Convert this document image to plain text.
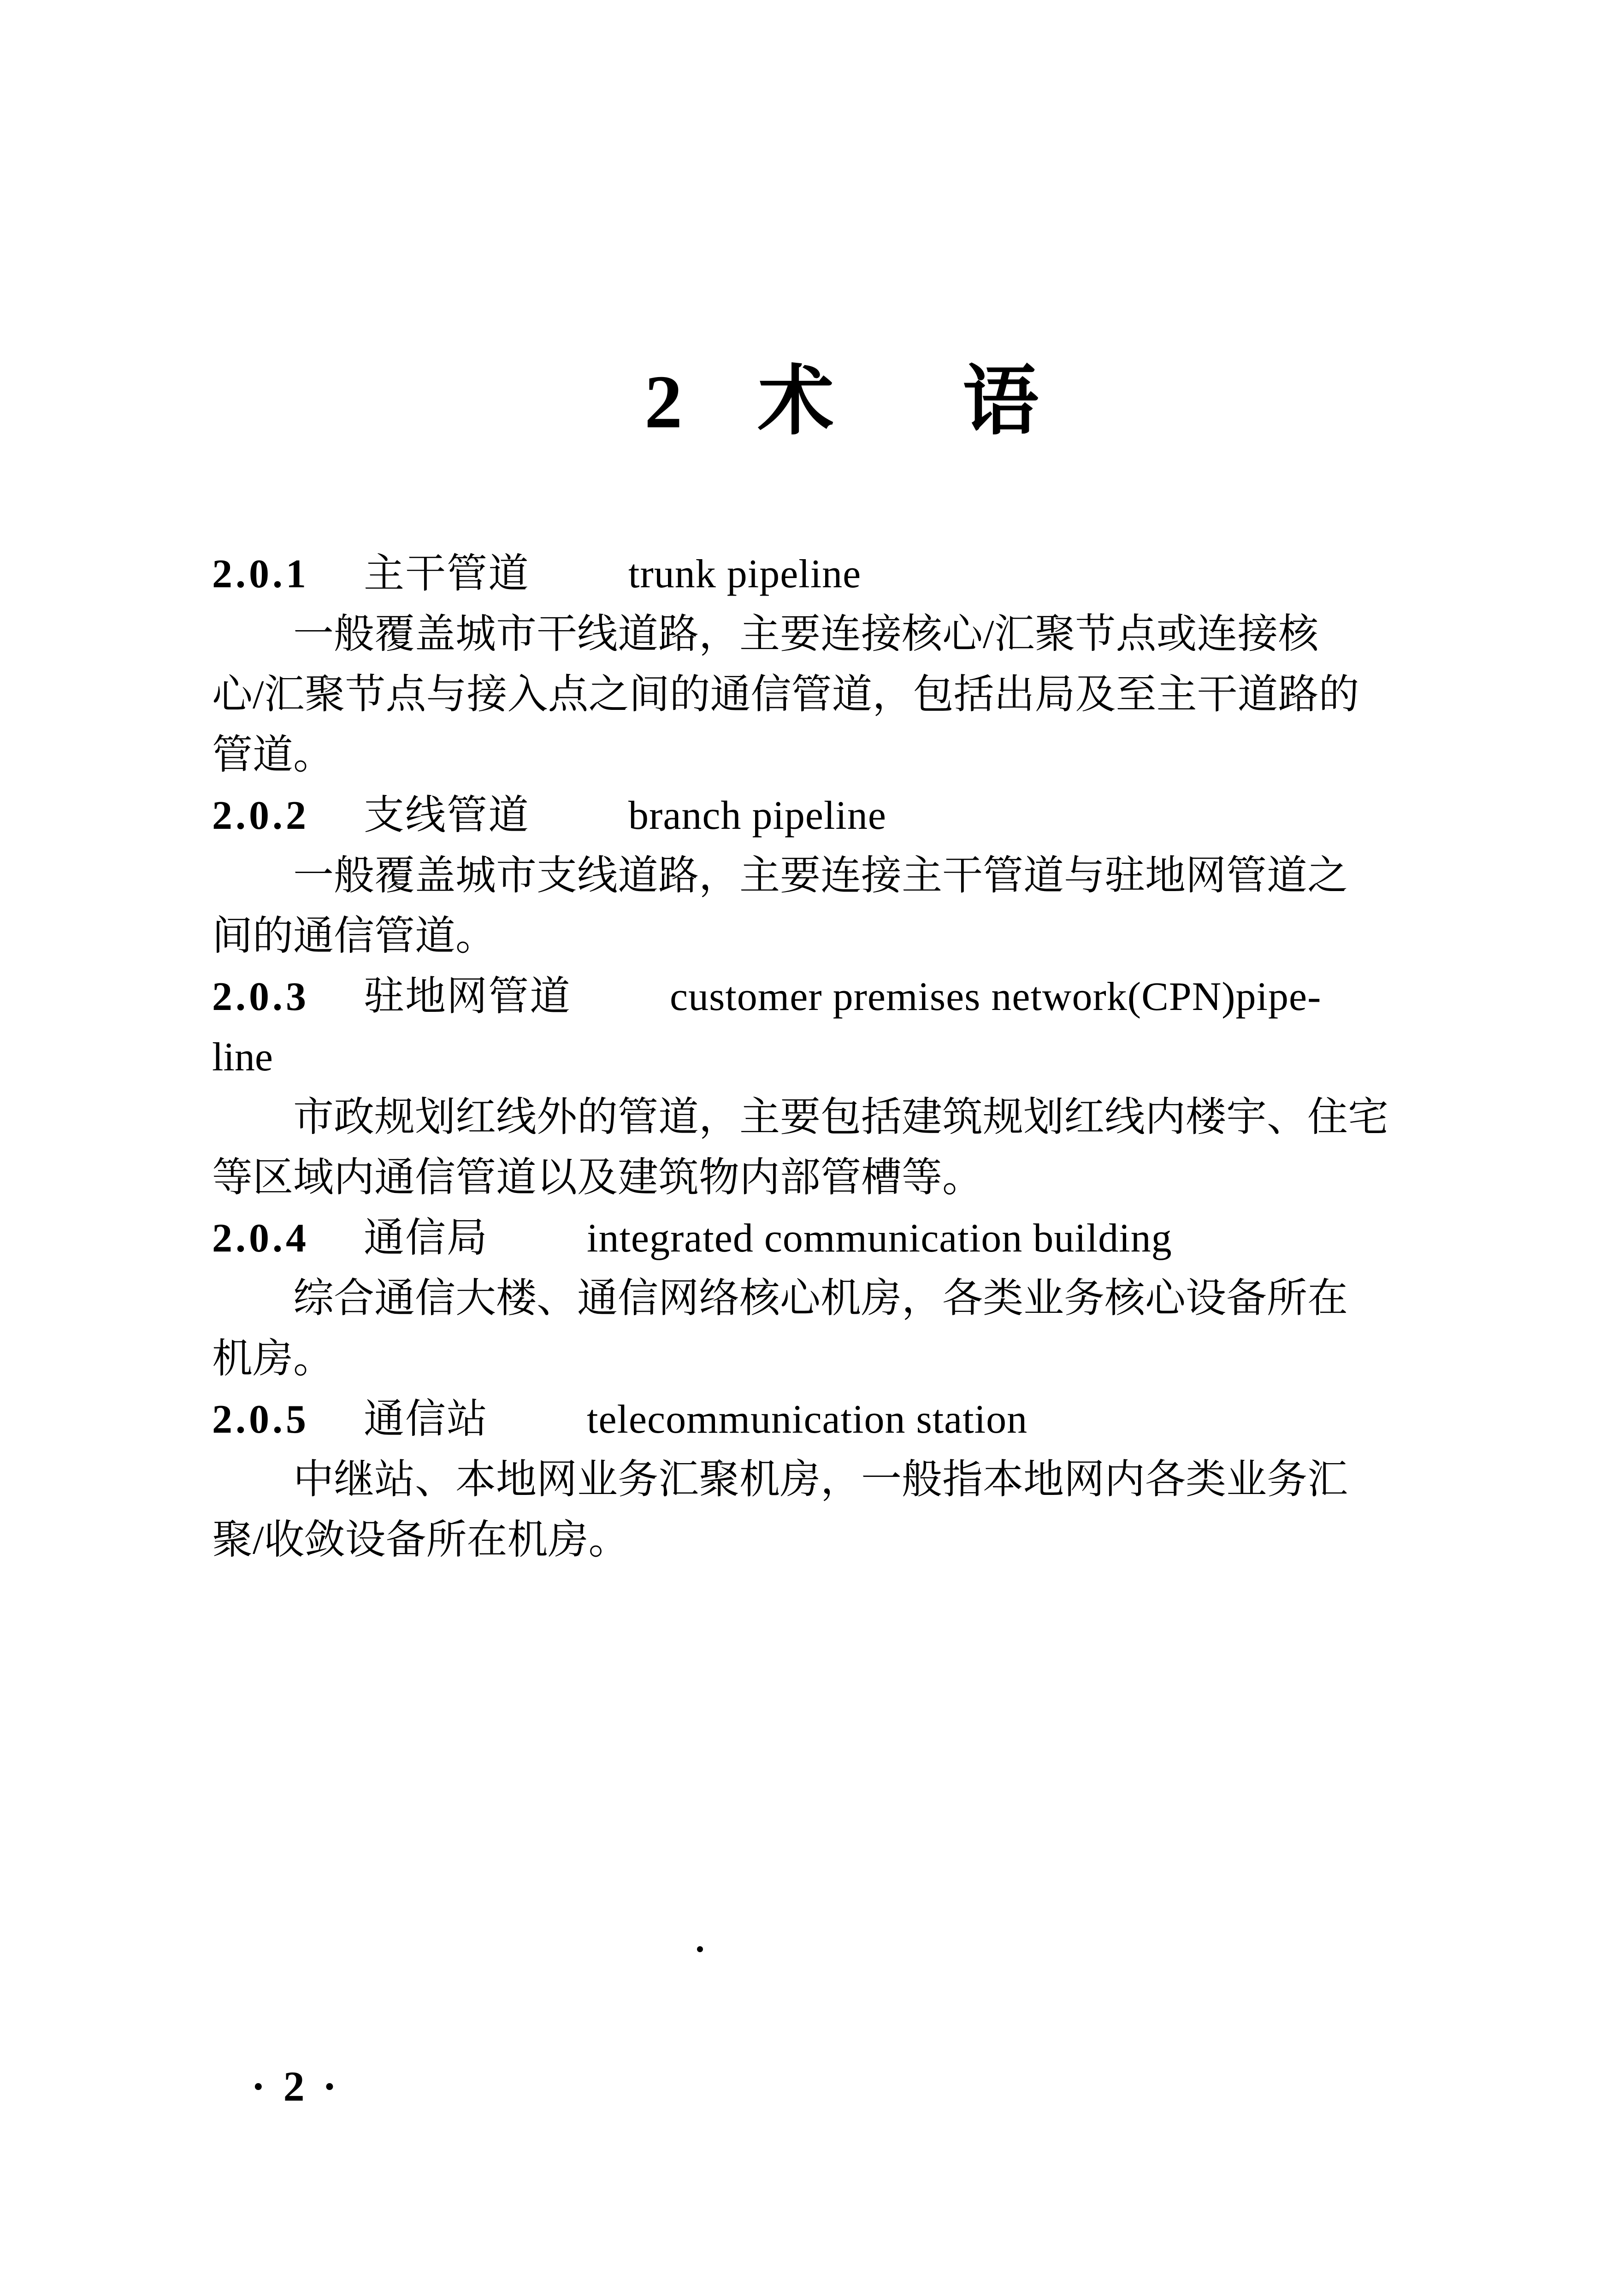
2 术 语
2.0.1 主干管道 trunk pipeline
一般覆盖城市干线道路，主要连接核心/汇聚节点或连接核
心/汇聚节点与接入点之间的通信管道，包括出局及至主干道路的
管道。
2.0.2 支线管道 branch pipeline
一般覆盖城市支线道路，主要连接主干管道与驻地网管道之
间的通信管道。
2.0.3 驻地网管道 customer premises network(CPN)pipe-
line
市政规划红线外的管道，主要包括建筑规划红线内楼宇、住宅
等区域内通信管道以及建筑物内部管槽等。
2.0.4 通信局 integrated communication building
综合通信大楼、通信网络核心机房，各类业务核心设备所在
机房。
2.0.5 通信站 telecommunication station
中继站、本地网业务汇聚机房，一般指本地网内各类业务汇
聚/收敛设备所在机房。
· 2 ·
